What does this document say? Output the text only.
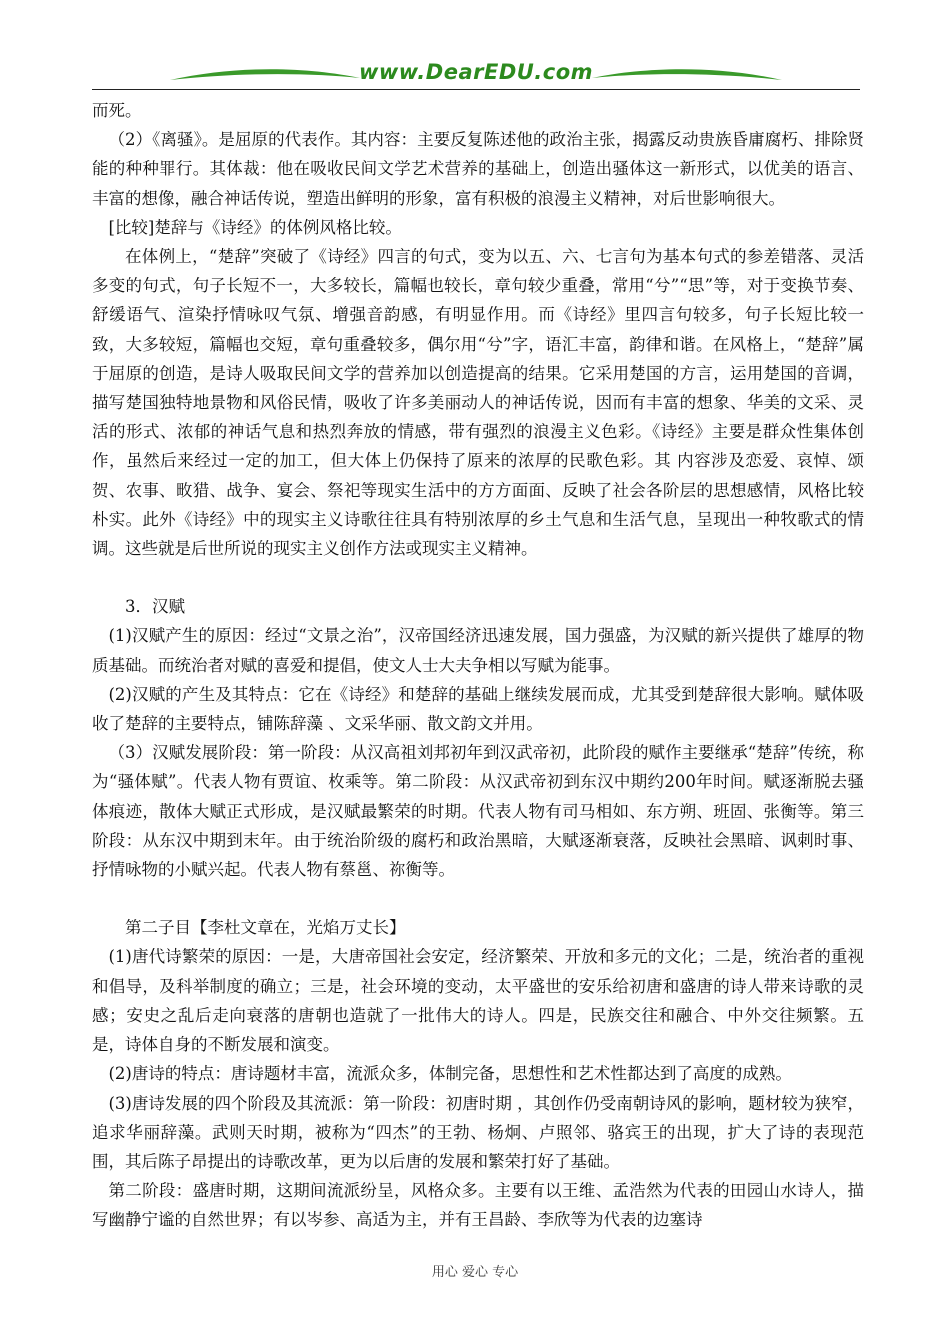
www.DearEDU.com

而死。

（2）《离骚》。是屈原的代表作。其内容：主要反复陈述他的政治主张，揭露反动贵族昏庸腐朽、排除贤能的种种罪行。其体裁：他在吸收民间文学艺术营养的基础上，创造出骚体这一新形式，以优美的语言、丰富的想像，融合神话传说，塑造出鲜明的形象，富有积极的浪漫主义精神，对后世影响很大。

[比较]楚辞与《诗经》的体例风格比较。

在体例上，“楚辞”突破了《诗经》四言的句式，变为以五、六、七言句为基本句式的参差错落、灵活多变的句式，句子长短不一，大多较长，篇幅也较长，章句较少重叠，常用“兮”“思”等，对于变换节奏、舒缓语气、渲染抒情咏叹气氛、增强音韵感，有明显作用。而《诗经》里四言句较多，句子长短比较一致，大多较短，篇幅也交短，章句重叠较多，偶尔用“兮”字，语汇丰富，韵律和谐。在风格上，“楚辞”属于屈原的创造，是诗人吸取民间文学的营养加以创造提高的结果。它采用楚国的方言，运用楚国的音调，描写楚国独特地景物和风俗民情，吸收了许多美丽动人的神话传说，因而有丰富的想象、华美的文采、灵活的形式、浓郁的神话气息和热烈奔放的情感，带有强烈的浪漫主义色彩。《诗经》主要是群众性集体创作，虽然后来经过一定的加工，但大体上仍保持了原来的浓厚的民歌色彩。其 内容涉及恋爱、哀悼、颂贺、农事、畋猎、战争、宴会、祭祀等现实生活中的方方面面、反映了社会各阶层的思想感情，风格比较朴实。此外《诗经》中的现实主义诗歌往往具有特别浓厚的乡土气息和生活气息，呈现出一种牧歌式的情调。这些就是后世所说的现实主义创作方法或现实主义精神。

3．汉赋

(1)汉赋产生的原因：经过“文景之治”，汉帝国经济迅速发展，国力强盛，为汉赋的新兴提供了雄厚的物质基础。而统治者对赋的喜爱和提倡，使文人士大夫争相以写赋为能事。

(2)汉赋的产生及其特点：它在《诗经》和楚辞的基础上继续发展而成，尤其受到楚辞很大影响。赋体吸收了楚辞的主要特点，铺陈辞藻 、文采华丽、散文韵文并用。

（3）汉赋发展阶段：第一阶段：从汉高祖刘邦初年到汉武帝初，此阶段的赋作主要继承“楚辞”传统，称为“骚体赋”。代表人物有贾谊、枚乘等。第二阶段：从汉武帝初到东汉中期约200年时间。赋逐渐脱去骚体痕迹，散体大赋正式形成，是汉赋最繁荣的时期。代表人物有司马相如、东方朔、班固、张衡等。第三阶段：从东汉中期到末年。由于统治阶级的腐朽和政治黑暗，大赋逐渐衰落，反映社会黑暗、讽刺时事、抒情咏物的小赋兴起。代表人物有蔡邕、祢衡等。

第二子目【李杜文章在，光焰万丈长】

(1)唐代诗繁荣的原因：一是，大唐帝国社会安定，经济繁荣、开放和多元的文化；二是，统治者的重视和倡导，及科举制度的确立；三是，社会环境的变动，太平盛世的安乐给初唐和盛唐的诗人带来诗歌的灵感；安史之乱后走向衰落的唐朝也造就了一批伟大的诗人。四是，民族交往和融合、中外交往频繁。五是，诗体自身的不断发展和演变。

(2)唐诗的特点：唐诗题材丰富，流派众多，体制完备，思想性和艺术性都达到了高度的成熟。

(3)唐诗发展的四个阶段及其流派：第一阶段：初唐时期 ，其创作仍受南朝诗风的影响，题材较为狭窄，追求华丽辞藻。武则天时期，被称为“四杰”的王勃、杨炯、卢照邻、骆宾王的出现，扩大了诗的表现范围，其后陈子昂提出的诗歌改革，更为以后唐的发展和繁荣打好了基础。

第二阶段：盛唐时期，这期间流派纷呈，风格众多。主要有以王维、孟浩然为代表的田园山水诗人，描写幽静宁谧的自然世界；有以岑参、高适为主，并有王昌龄、李欣等为代表的边塞诗

用心 爱心 专心
